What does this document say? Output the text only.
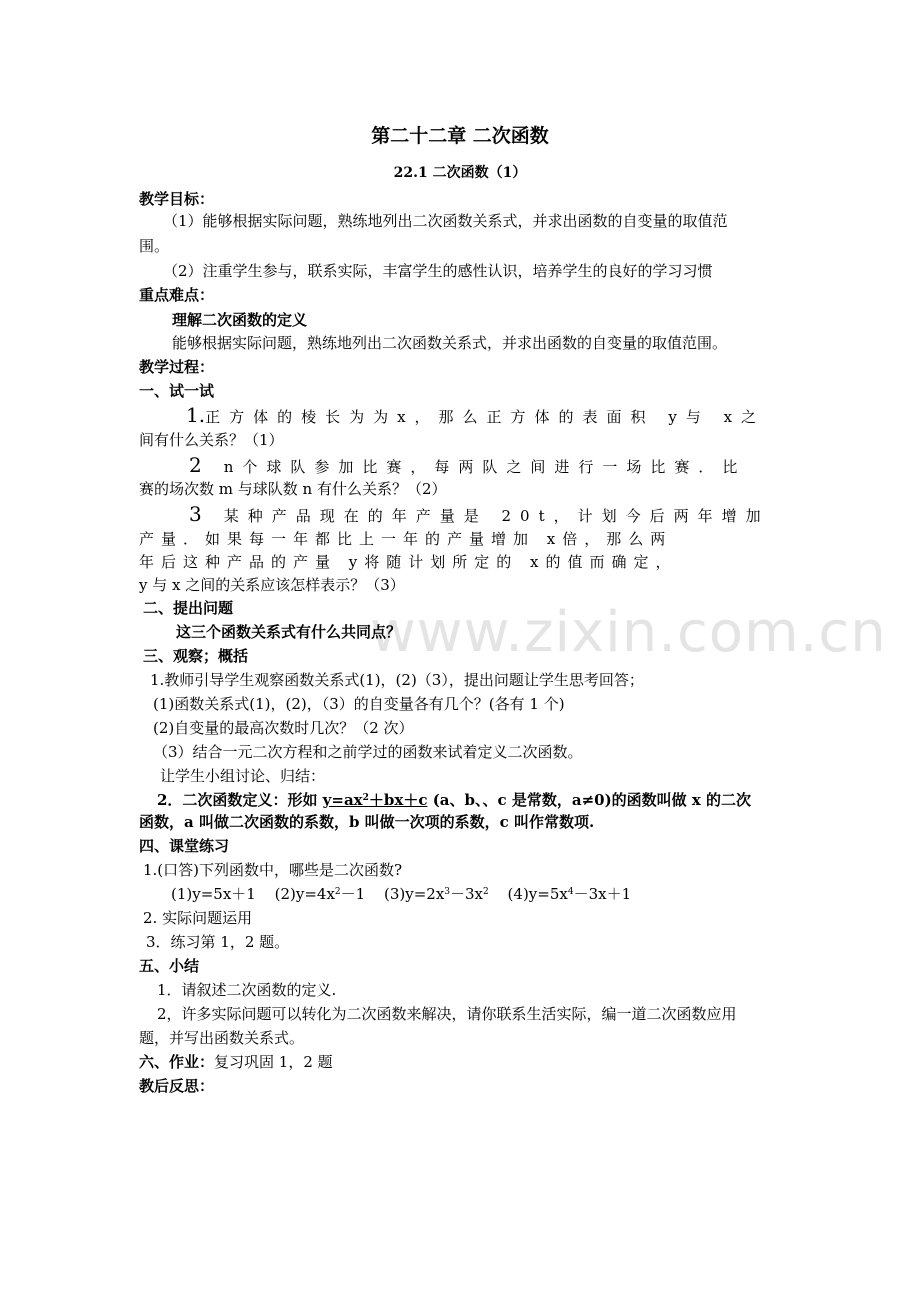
www.zixin.com.cn
第二十二章 二次函数
22.1 二次函数（1）
教学目标：
（1）能够根据实际问题，熟练地列出二次函数关系式，并求出函数的自变量的取值范
围。
（2）注重学生参与，联系实际，丰富学生的感性认识，培养学生的良好的学习习惯
重点难点：
理解二次函数的定义
能够根据实际问题，熟练地列出二次函数关系式，并求出函数的自变量的取值范围。
教学过程：
一、试一试
1.正方体的棱长为为x，那么正方体的表面积 y与 x之
间有什么关系？（1）
2 n个球队参加比赛，每两队之间进行一场比赛．比
赛的场次数 m 与球队数 n 有什么关系？（2）
3 某种产品现在的年产量是 20t，计划今后两年增加
产量．如果每一年都比上一年的产量增加 x倍，那么两
年后这种产品的产量 y将随计划所定的 x的值而确定，
y 与 x 之间的关系应该怎样表示？（3）
二、提出问题
这三个函数关系式有什么共同点？
三、观察；概括
1.教师引导学生观察函数关系式(1)，(2)（3），提出问题让学生思考回答；
(1)函数关系式(1)，(2)，（3）的自变量各有几个？(各有 1 个)
(2)自变量的最高次数时几次？（2 次）
（3）结合一元二次方程和之前学过的函数来试着定义二次函数。
让学生小组讨论、归结：
2．二次函数定义：形如 $y=ax^2+bx+c$ (a、b、、c 是常数，a≠0)的函数叫做 x 的二次
函数，a 叫做二次函数的系数，b 叫做一次项的系数，c 叫作常数项.
四、课堂练习
1.(口答)下列函数中，哪些是二次函数?
(1)y=5x＋1 $(2)y=4x^2-1$ $(3)y=2x^3-3x^2$ $(4)y=5x^4-3x+1$
2. 实际问题运用
3．练习第 1，2 题。
五、小结
1．请叙述二次函数的定义.
2，许多实际问题可以转化为二次函数来解决，请你联系生活实际，编一道二次函数应用
题，并写出函数关系式。
六、作业：复习巩固 1，2 题
教后反思：
